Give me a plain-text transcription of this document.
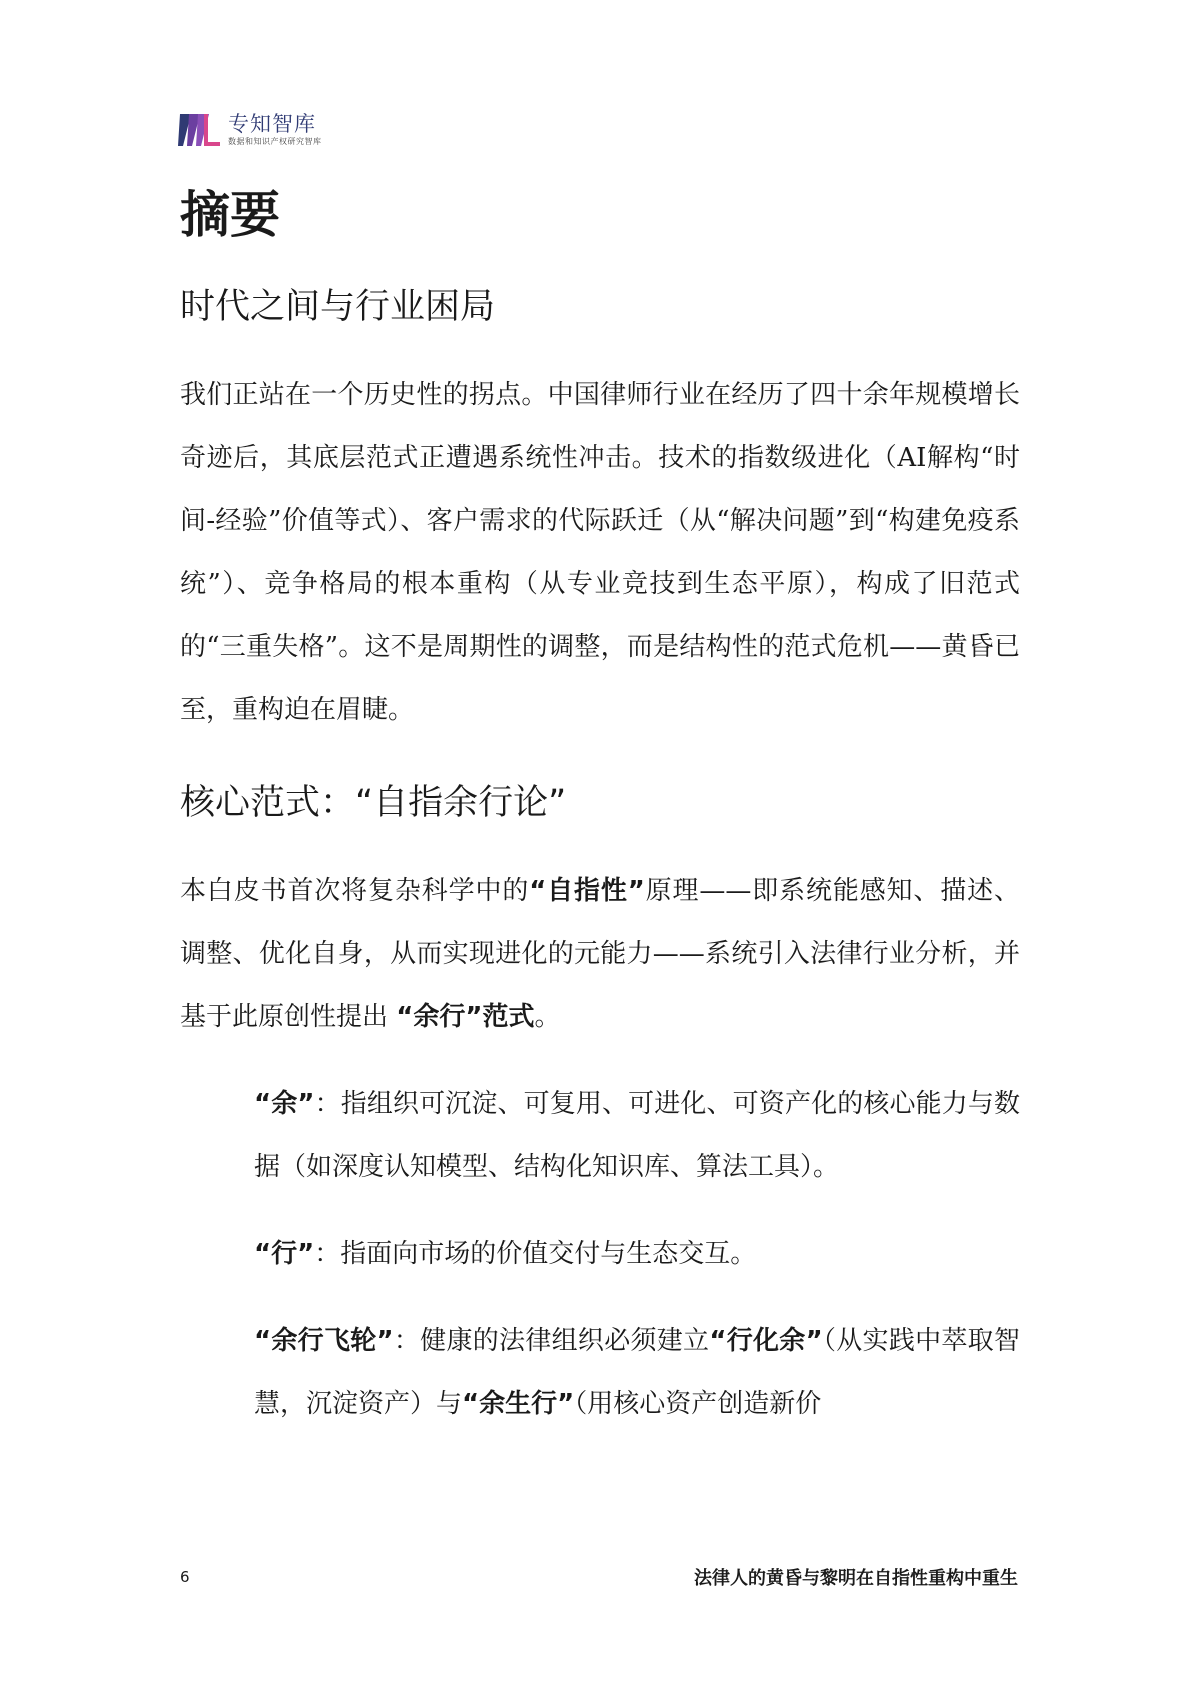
专知智库
数据和知识产权研究智库
摘要
时代之间与行业困局

我们正站在一个历史性的拐点。中国律师行业在经历了四十余年规模增长奇迹后，其底层范式正遭遇系统性冲击。技术的指数级进化（AI解构“时间-经验”价值等式）、客户需求的代际跃迁（从“解决问题”到“构建免疫系统”）、竞争格局的根本重构（从专业竞技到生态平原），构成了旧范式的“三重失格”。这不是周期性的调整，而是结构性的范式危机——黄昏已至，重构迫在眉睫。

核心范式：“自指余行论”

本白皮书首次将复杂科学中的“自指性”原理——即系统能感知、描述、调整、优化自身，从而实现进化的元能力——系统引入法律行业分析，并基于此原创性提出 “余行”范式。

“余”：指组织可沉淀、可复用、可进化、可资产化的核心能力与数据（如深度认知模型、结构化知识库、算法工具）。

“行”：指面向市场的价值交付与生态交互。

“余行飞轮”：健康的法律组织必须建立“行化余”（从实践中萃取智慧，沉淀资产）与“余生行”（用核心资产创造新价

6	法律人的黄昏与黎明在自指性重构中重生
